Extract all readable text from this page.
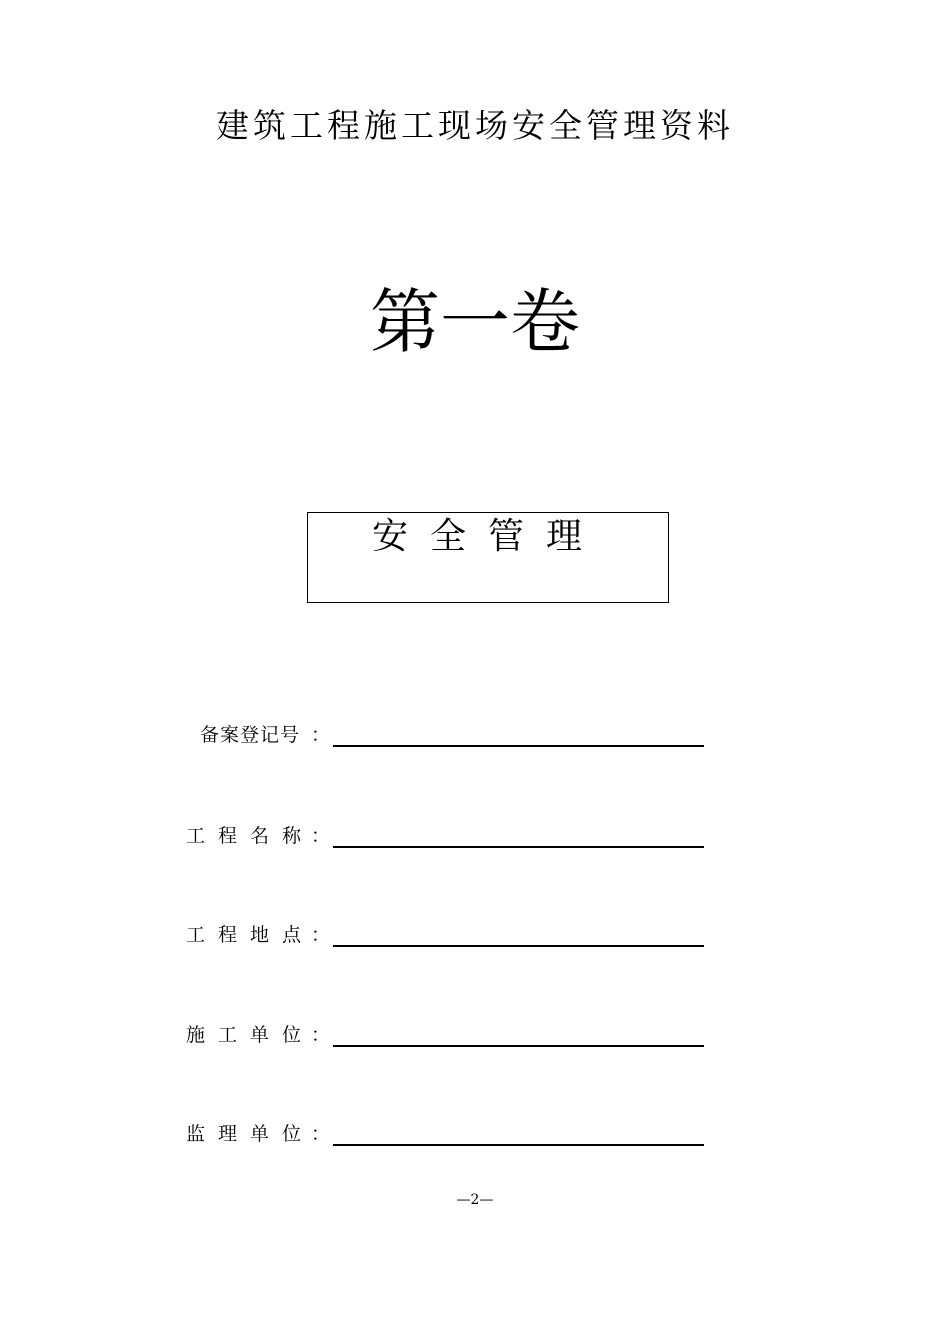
建筑工程施工现场安全管理资料
第一卷
安全管理
备案登记号 ：
工程名称
：
工程地点
：
施工单位
：
监理单位
：
—2—
